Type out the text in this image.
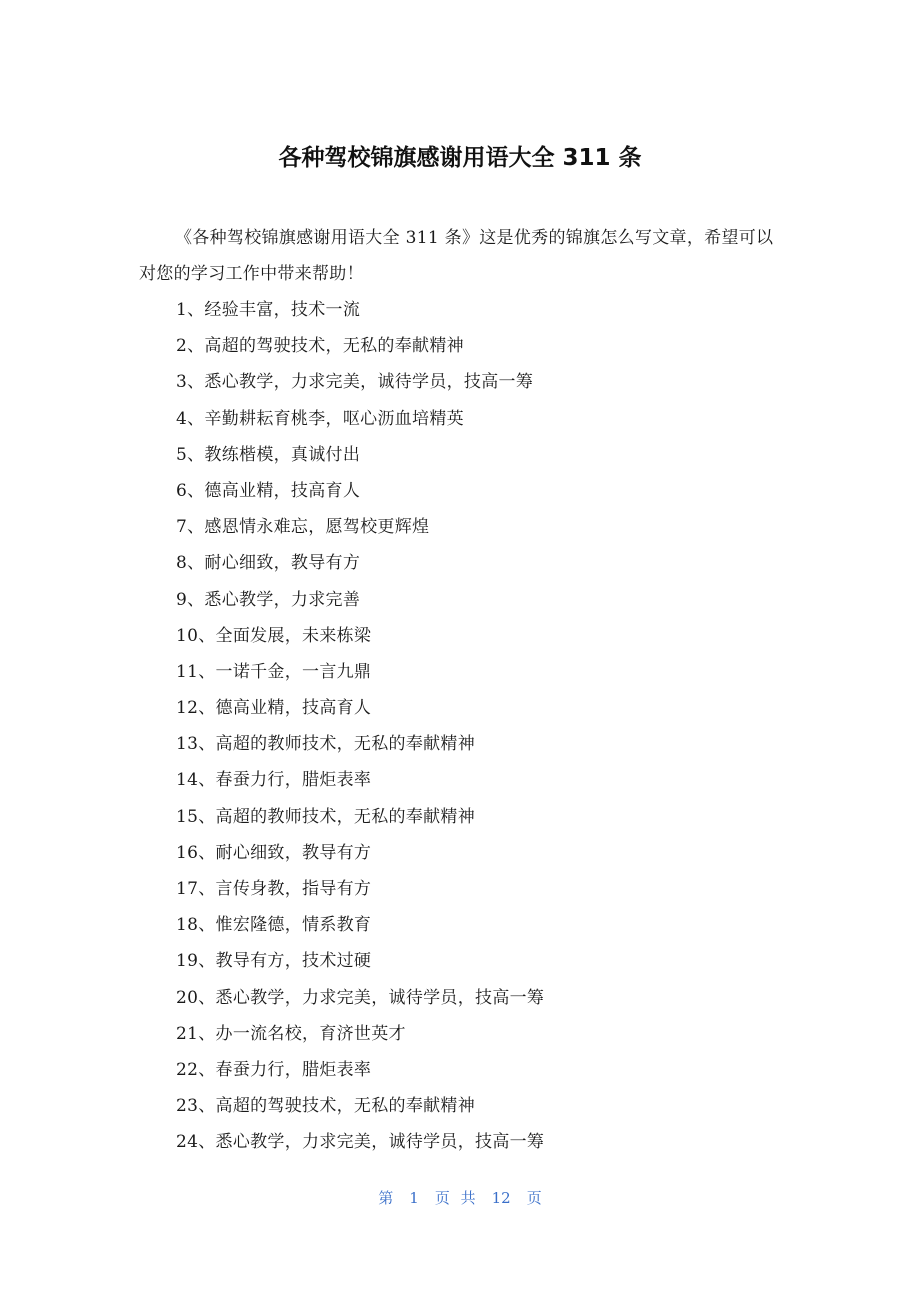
各种驾校锦旗感谢用语大全 311 条

《各种驾校锦旗感谢用语大全 311 条》这是优秀的锦旗怎么写文章，希望可以对您的学习工作中带来帮助！

1、经验丰富，技术一流
2、高超的驾驶技术，无私的奉献精神
3、悉心教学，力求完美，诚待学员，技高一筹
4、辛勤耕耘育桃李，呕心沥血培精英
5、教练楷模，真诚付出
6、德高业精，技高育人
7、感恩情永难忘，愿驾校更辉煌
8、耐心细致，教导有方
9、悉心教学，力求完善
10、全面发展，未来栋梁
11、一诺千金，一言九鼎
12、德高业精，技高育人
13、高超的教师技术，无私的奉献精神
14、春蚕力行，腊炬表率
15、高超的教师技术，无私的奉献精神
16、耐心细致，教导有方
17、言传身教，指导有方
18、惟宏隆德，情系教育
19、教导有方，技术过硬
20、悉心教学，力求完美，诚待学员，技高一筹
21、办一流名校，育济世英才
22、春蚕力行，腊炬表率
23、高超的驾驶技术，无私的奉献精神
24、悉心教学，力求完美，诚待学员，技高一筹
第 1 页 共 12 页
